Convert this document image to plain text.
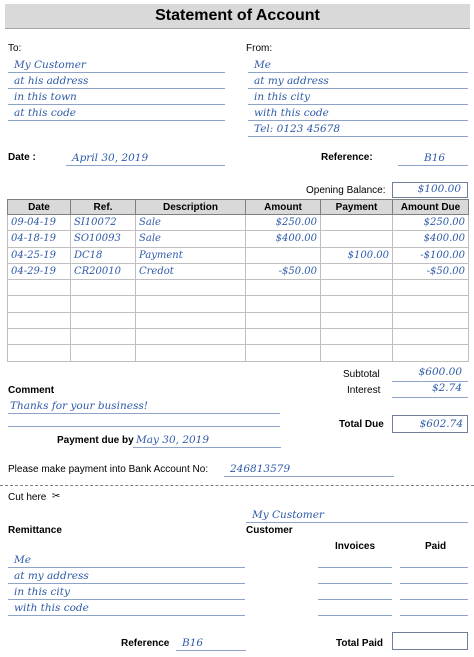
Statement of Account
To:
My Customer
at his address
in this town
at this code
From:
Me
at my address
in this city
with this code
Tel: 0123 45678
Date :	April 30, 2019	Reference:	B16
Opening Balance:	$100.00
Date	Ref.	Description	Amount	Payment	Amount Due
09-04-19	SI10072	Sale	$250.00		$250.00
04-18-19	SO10093	Sale	$400.00		$400.00
04-25-19	DC18	Payment		$100.00	-$100.00
04-29-19	CR20010	Credot	-$50.00		-$50.00

Subtotal	$600.00
Interest	$2.74
Comment
Thanks for your business!
Total Due	$602.74
Payment due by May 30, 2019
Please make payment into Bank Account No: 246813579
Cut here ✂
My Customer
Customer
Remittance
Me
at my address
in this city
with this code
Invoices	Paid
Reference B16	Total Paid
